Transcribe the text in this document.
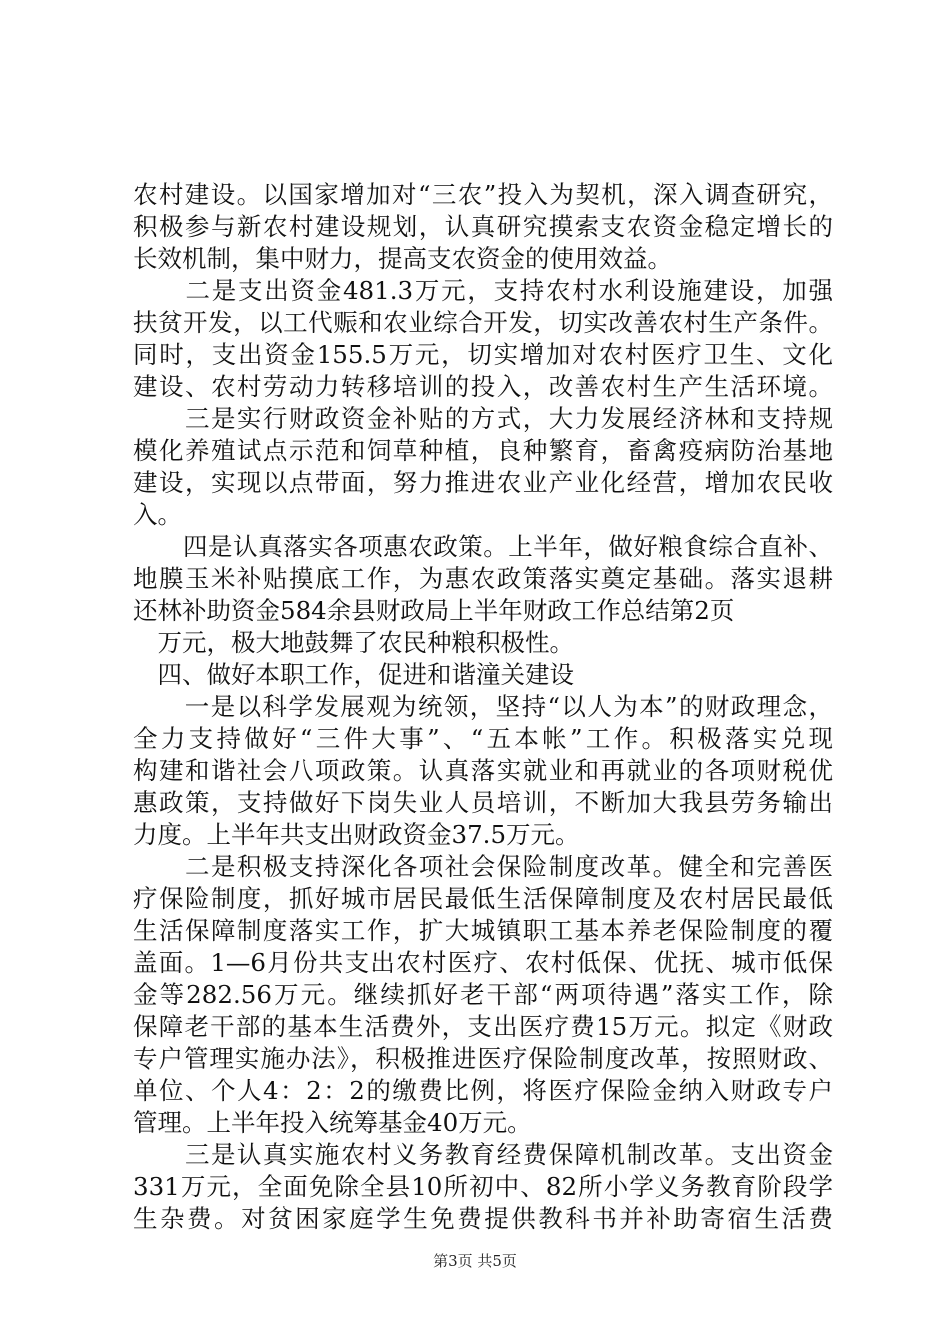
农村建设。以国家增加对“三农”投入为契机，深入调查研究，
积极参与新农村建设规划，认真研究摸索支农资金稳定增长的
长效机制，集中财力，提高支农资金的使用效益。
　　二是支出资金481.3万元，支持农村水利设施建设，加强
扶贫开发，以工代赈和农业综合开发，切实改善农村生产条件。
同时，支出资金155.5万元，切实增加对农村医疗卫生、文化
建设、农村劳动力转移培训的投入，改善农村生产生活环境。
　　三是实行财政资金补贴的方式，大力发展经济林和支持规
模化养殖试点示范和饲草种植，良种繁育，畜禽疫病防治基地
建设，实现以点带面，努力推进农业产业化经营，增加农民收
入。
　　四是认真落实各项惠农政策。上半年，做好粮食综合直补、
地膜玉米补贴摸底工作，为惠农政策落实奠定基础。落实退耕
还林补助资金584余县财政局上半年财政工作总结第2页
　万元，极大地鼓舞了农民种粮积极性。
　四、做好本职工作，促进和谐潼关建设
　　一是以科学发展观为统领，坚持“以人为本”的财政理念，
全力支持做好“三件大事”、“五本帐”工作。积极落实兑现
构建和谐社会八项政策。认真落实就业和再就业的各项财税优
惠政策，支持做好下岗失业人员培训，不断加大我县劳务输出
力度。上半年共支出财政资金37.5万元。
　　二是积极支持深化各项社会保险制度改革。健全和完善医
疗保险制度，抓好城市居民最低生活保障制度及农村居民最低
生活保障制度落实工作，扩大城镇职工基本养老保险制度的覆
盖面。1—6月份共支出农村医疗、农村低保、优抚、城市低保
金等282.56万元。继续抓好老干部“两项待遇”落实工作，除
保障老干部的基本生活费外，支出医疗费15万元。拟定《财政
专户管理实施办法》，积极推进医疗保险制度改革，按照财政、
单位、个人4：2：2的缴费比例，将医疗保险金纳入财政专户
管理。上半年投入统筹基金40万元。
　　三是认真实施农村义务教育经费保障机制改革。支出资金
331万元，全面免除全县10所初中、82所小学义务教育阶段学
生杂费。对贫困家庭学生免费提供教科书并补助寄宿生活费
第3页 共5页
